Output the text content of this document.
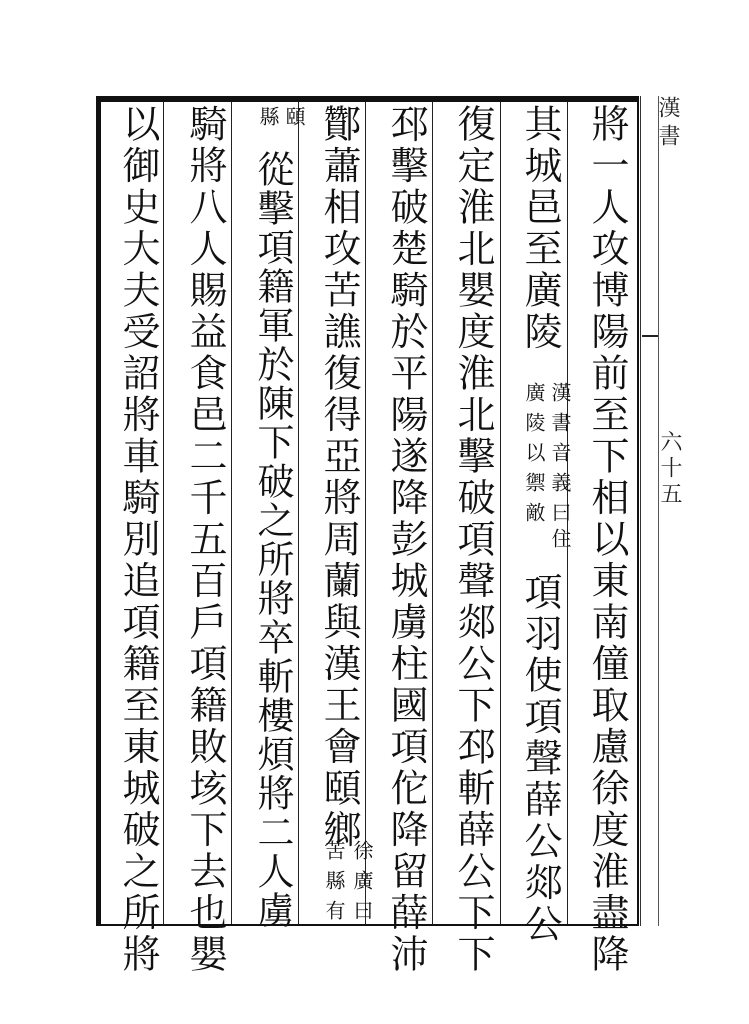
將一人攻博陽前至下相以東南僮取慮徐度淮盡降
其城邑至廣陵
漢書音義曰
廣陵以禦敵
住
項羽使項聲薛公郯公
復定淮北嬰度淮北擊破項聲郯公下邳斬薛公下下
邳擊破楚騎於平陽遂降彭城虜柱國項佗降留薛沛
酇蕭相攻苦譙復得亞將周蘭與漢王會頤鄉
徐廣曰
苦縣有
頤
縣
從擊項籍軍於陳下破之所將卒斬樓煩將二人虜
騎將八人賜益食邑二千五百戶項籍敗垓下去也嬰
以御史大夫受詔將車騎別追項籍至東城破之所將	漢書
六十五
